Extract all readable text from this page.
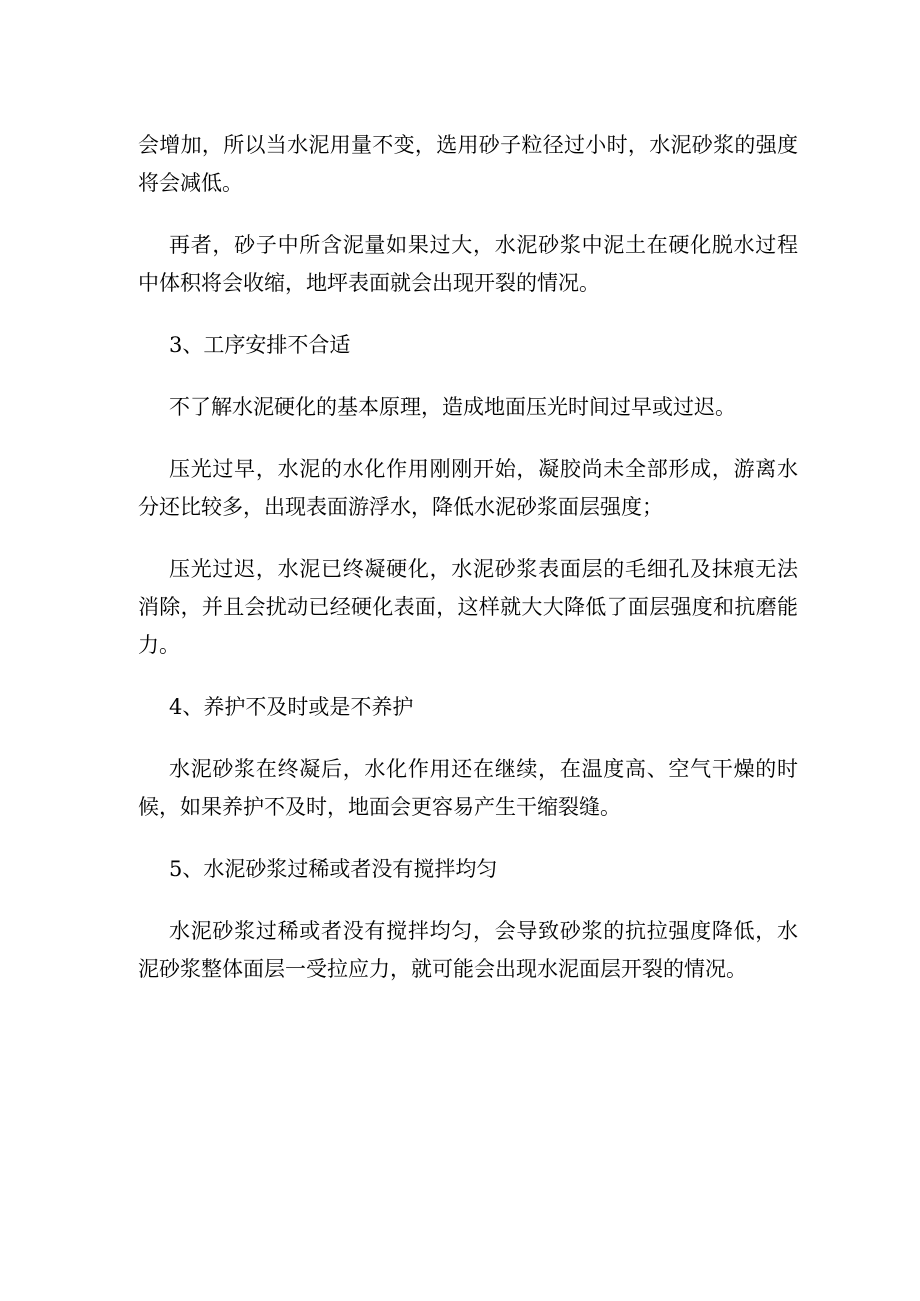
会增加，所以当水泥用量不变，选用砂子粒径过小时，水泥砂浆的强度将会减低。

再者，砂子中所含泥量如果过大，水泥砂浆中泥土在硬化脱水过程中体积将会收缩，地坪表面就会出现开裂的情况。

3、工序安排不合适

不了解水泥硬化的基本原理，造成地面压光时间过早或过迟。

压光过早，水泥的水化作用刚刚开始，凝胶尚未全部形成，游离水分还比较多，出现表面游浮水，降低水泥砂浆面层强度；

压光过迟，水泥已终凝硬化，水泥砂浆表面层的毛细孔及抹痕无法消除，并且会扰动已经硬化表面，这样就大大降低了面层强度和抗磨能力。

4、养护不及时或是不养护

水泥砂浆在终凝后，水化作用还在继续，在温度高、空气干燥的时候，如果养护不及时，地面会更容易产生干缩裂缝。

5、水泥砂浆过稀或者没有搅拌均匀

水泥砂浆过稀或者没有搅拌均匀，会导致砂浆的抗拉强度降低，水泥砂浆整体面层一受拉应力，就可能会出现水泥面层开裂的情况。
